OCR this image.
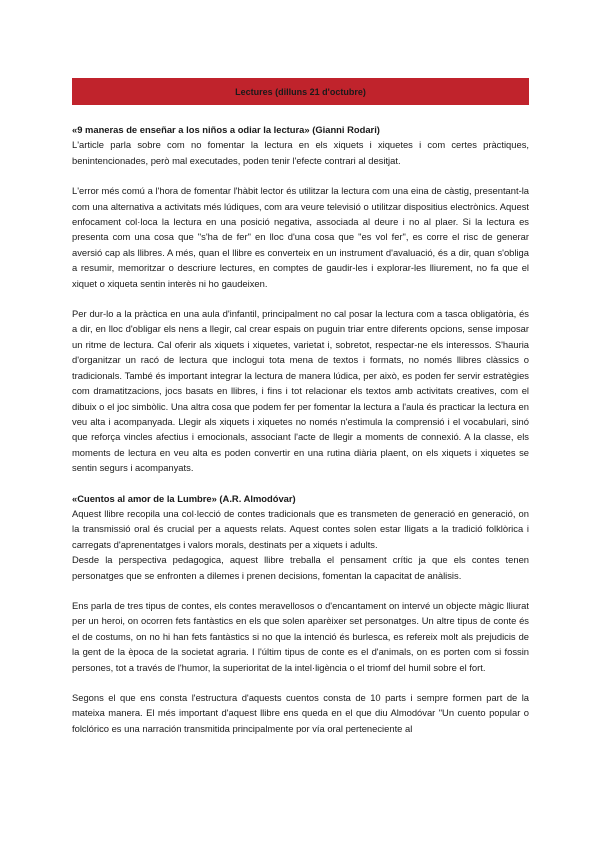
Lectures (dilluns 21 d'octubre)

«9 maneras de enseñar a los niños a odiar la lectura» (Gianni Rodari)

L'article parla sobre com no fomentar la lectura en els xiquets i xiquetes i com certes pràctiques, benintencionades, però mal executades, poden tenir l'efecte contrari al desitjat.

L'error més comú a l'hora de fomentar l'hàbit lector és utilitzar la lectura com una eina de càstig, presentant-la com una alternativa a activitats més lúdiques, com ara veure televisió o utilitzar dispositius electrònics. Aquest enfocament col·loca la lectura en una posició negativa, associada al deure i no al plaer. Si la lectura es presenta com una cosa que "s'ha de fer" en lloc d'una cosa que "es vol fer", es corre el risc de generar aversió cap als llibres. A més, quan el llibre es converteix en un instrument d'avaluació, és a dir, quan s'obliga a resumir, memoritzar o descriure lectures, en comptes de gaudir-les i explorar-les lliurement, no fa que el xiquet o xiqueta sentin interès ni ho gaudeixen.

Per dur-lo a la pràctica en una aula d'infantil, principalment no cal posar la lectura com a tasca obligatòria, és a dir, en lloc d'obligar els nens a llegir, cal crear espais on puguin triar entre diferents opcions, sense imposar un ritme de lectura. Cal oferir als xiquets i xiquetes, varietat i, sobretot, respectar-ne els interessos. S'hauria d'organitzar un racó de lectura que inclogui tota mena de textos i formats, no només llibres clàssics o tradicionals. També és important integrar la lectura de manera lúdica, per això, es poden fer servir estratègies com dramatitzacions, jocs basats en llibres, i fins i tot relacionar els textos amb activitats creatives, com el dibuix o el joc simbòlic. Una altra cosa que podem fer per fomentar la lectura a l'aula és practicar la lectura en veu alta i acompanyada. Llegir als xiquets i xiquetes no només n'estimula la comprensió i el vocabulari, sinó que reforça vincles afectius i emocionals, associant l'acte de llegir a moments de connexió. A la classe, els moments de lectura en veu alta es poden convertir en una rutina diària plaent, on els xiquets i xiquetes se sentin segurs i acompanyats.

«Cuentos al amor de la Lumbre» (A.R. Almodóvar)

Aquest llibre recopila una col·lecció de contes tradicionals que es transmeten de generació en generació, on la transmissió oral és crucial per a aquests relats. Aquest contes solen estar lligats a la tradició folklòrica i carregats d'aprenentatges i valors morals, destinats per a xiquets i adults.

Desde la perspectiva pedagogica, aquest llibre treballa el pensament crític ja que els contes tenen personatges que se enfronten a dilemes i prenen decisions, fomentan la capacitat de anàlisis.

Ens parla de tres tipus de contes, els contes meravellosos o d'encantament on intervé un objecte màgic lliurat per un heroi, on ocorren fets fantàstics en els que solen aparèixer set personatges. Un altre tipus de conte és el de costums, on no hi han fets fantàstics si no que la intenció és burlesca, es refereix molt als prejudicis de la gent de la època de la societat agraria. I l'últim tipus de conte es el d'animals, on es porten com si fossin persones, tot a través de l'humor, la superioritat de la intel·ligència o el triomf del humil sobre el fort.

Segons el que ens consta l'estructura d'aquests cuentos consta de 10 parts i sempre formen part de la mateixa manera. El més important d'aquest llibre ens queda en el que diu Almodóvar "Un cuento popular o folclórico es una narración transmitida principalmente por vía oral perteneciente al
